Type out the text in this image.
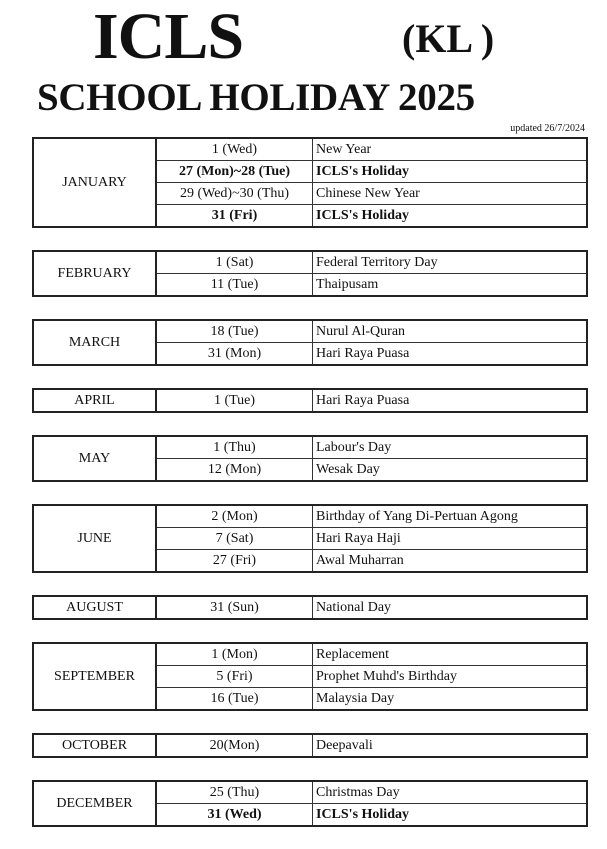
ICLS	(KL )
SCHOOL HOLIDAY 2025
updated 26/7/2024
JANUARY	1 (Wed)	New Year
	27 (Mon)~28 (Tue)	ICLS's Holiday
	29 (Wed)~30 (Thu)	Chinese New Year
	31 (Fri)	ICLS's Holiday
FEBRUARY	1 (Sat)	Federal Territory Day
	11 (Tue)	Thaipusam
MARCH	18 (Tue)	Nurul Al-Quran
	31 (Mon)	Hari Raya Puasa
APRIL	1 (Tue)	Hari Raya Puasa
MAY	1 (Thu)	Labour's Day
	12 (Mon)	Wesak Day
JUNE	2 (Mon)	Birthday of Yang Di-Pertuan Agong
	7 (Sat)	Hari Raya Haji
	27 (Fri)	Awal Muharran
AUGUST	31 (Sun)	National Day
SEPTEMBER	1 (Mon)	Replacement
	5 (Fri)	Prophet Muhd's Birthday
	16 (Tue)	Malaysia Day
OCTOBER	20(Mon)	Deepavali
DECEMBER	25 (Thu)	Christmas Day
	31 (Wed)	ICLS's Holiday
